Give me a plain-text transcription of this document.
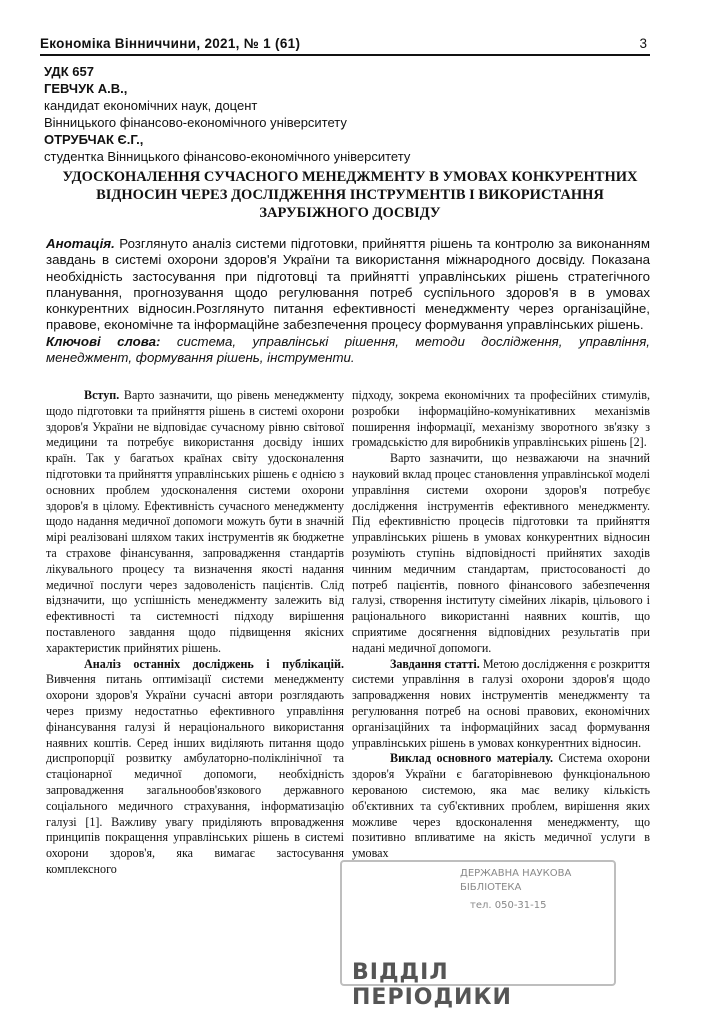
Економіка Вінниччини, 2021, № 1 (61)	3
УДК 657
ГЕВЧУК А.В.,
кандидат економічних наук, доцент
Вінницького фінансово-економічного університету
ОТРУБЧАК Є.Г.,
студентка Вінницького фінансово-економічного університету
УДОСКОНАЛЕННЯ СУЧАСНОГО МЕНЕДЖМЕНТУ В УМОВАХ КОНКУРЕНТНИХ ВІДНОСИН ЧЕРЕЗ ДОСЛІДЖЕННЯ ІНСТРУМЕНТІВ І ВИКОРИСТАННЯ ЗАРУБІЖНОГО ДОСВІДУ
Анотація. Розглянуто аналіз системи підготовки, прийняття рішень та контролю за виконанням завдань в системі охорони здоров'я України та використання міжнародного досвіду. Показана необхідність застосування при підготовці та прийнятті управлінських рішень стратегічного планування, прогнозування щодо регулювання потреб суспільного здоров'я в в умовах конкурентних відносин.Розглянуто питання ефективності менеджменту через організаційне, правове, економічне та інформаційне забезпечення процесу формування управлінських рішень.
Ключові слова: система, управлінські рішення, методи дослідження, управління, менеджмент, формування рішень, інструменти.

Вступ. Варто зазначити, що рівень менеджменту щодо підготовки та прийняття рішень в системі охорони здоров'я України не відповідає сучасному рівню світової медицини та потребує використання досвіду інших країн. Так у багатьох країнах світу удосконалення підготовки та прийняття управлінських рішень є однією з основних проблем удосконалення системи охорони здоров'я в цілому. Ефективність сучасного менеджменту щодо надання медичної допомоги можуть бути в значній мірі реалізовані шляхом таких інструментів як бюджетне та страхове фінансування, запровадження стандартів лікувального процесу та визначення якості надання медичної послуги через задоволеність пацієнтів. Слід відзначити, що успішність менеджменту залежить від ефективності та системності підходу вирішення поставленого завдання щодо підвищення якісних характеристик прийнятих рішень.

Аналіз останніх досліджень і публікацій. Вивчення питань оптимізації системи менеджменту охорони здоров'я України сучасні автори розглядають через призму недостатньо ефективного управління фінансування галузі й нераціонального використання наявних коштів. Серед інших виділяють питання щодо диспропорції розвитку амбулаторно-поліклінічної та стаціонарної медичної допомоги, необхідність запровадження загальнообов'язкового державного соціального медичного страхування, інформатизацію галузі [1]. Важливу увагу приділяють впровадження принципів покращення управлінських рішень в системі охорони здоров'я, яка вимагає застосування комплексного

підходу, зокрема економічних та професійних стимулів, розробки інформаційно-комунікативних механізмів поширення інформації, механізму зворотного зв'язку з громадськістю для виробників управлінських рішень [2].

Варто зазначити, що незважаючи на значний науковий вклад процес становлення управлінської моделі управління системи охорони здоров'я потребує дослідження інструментів ефективного менеджменту. Під ефективністю процесів підготовки та прийняття управлінських рішень в умовах конкурентних відносин розуміють ступінь відповідності прийнятих заходів чинним медичним стандартам, пристосованості до потреб пацієнтів, повного фінансового забезпечення галузі, створення інституту сімейних лікарів, цільового і раціонального використанні наявних коштів, що сприятиме досягнення відповідних результатів при надані медичної допомоги.

Завдання статті. Метою дослідження є розкриття системи управління в галузі охорони здоров'я щодо запровадження нових інструментів менеджменту та регулювання потреб на основі правових, економічних організаційних та інформаційних засад формування управлінських рішень в умовах конкурентних відносин.

Виклад основного матеріалу. Система охорони здоров'я України є багаторівневою функціональною керованою системою, яка має велику кількість об'єктивних та суб'єктивних проблем, вирішення яких можливе через вдосконалення менеджменту, що позитивно впливатиме на якість медичної услуги в умовах

ДЕРЖАВНА НАУКОВА
БІБЛІОТЕКА
тел. 050-31-15
ВІДДІЛ ПЕРІОДИКИ
